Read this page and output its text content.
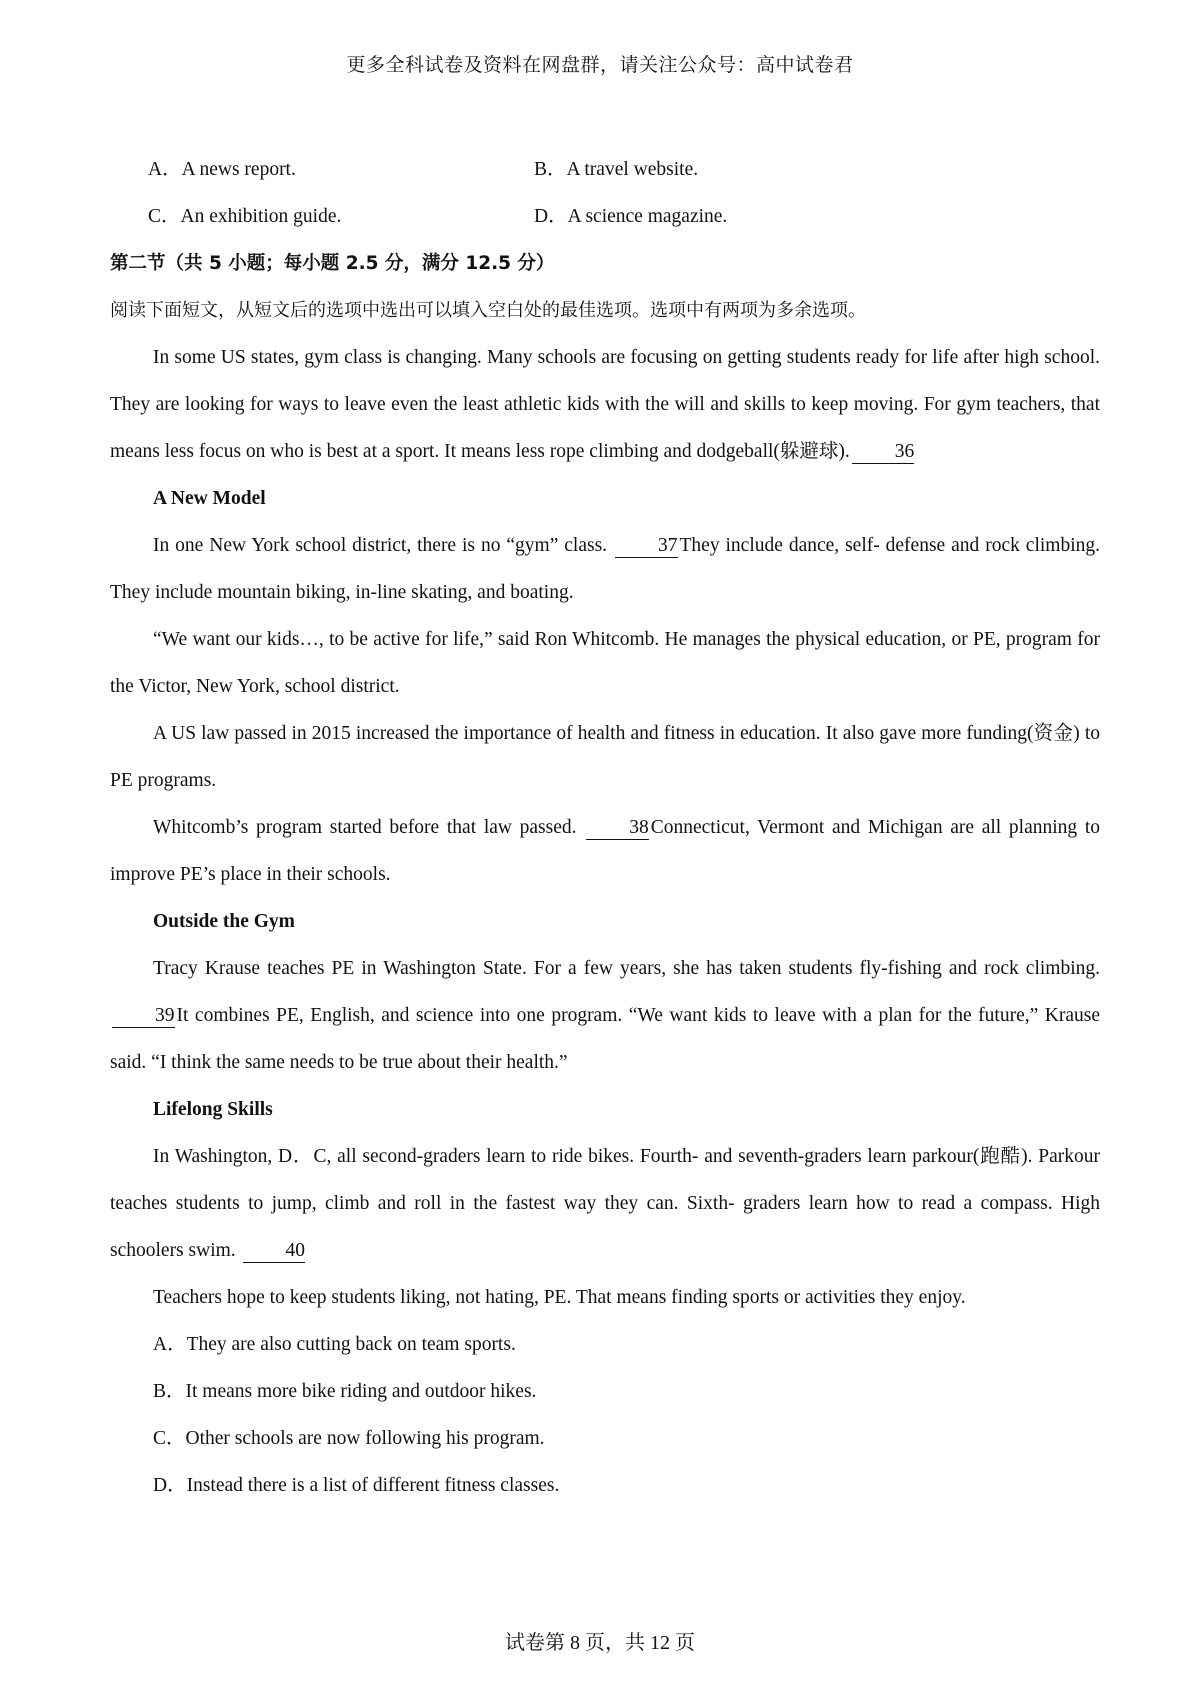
更多全科试卷及资料在网盘群，请关注公众号：高中试卷君
A．A news report.	B．A travel website.
C．An exhibition guide.	D．A science magazine.
第二节（共 5 小题；每小题 2.5 分，满分 12.5 分）
阅读下面短文，从短文后的选项中选出可以填入空白处的最佳选项。选项中有两项为多余选项。

In some US states, gym class is changing. Many schools are focusing on getting students ready for life after high school. They are looking for ways to leave even the least athletic kids with the will and skills to keep moving. For gym teachers, that means less focus on who is best at a sport. It means less rope climbing and dodgeball(躲避球). 36

A New Model

In one New York school district, there is no “gym” class.	37 They include dance, self- defense and rock climbing. They include mountain biking, in-line skating, and boating.

“We want our kids…, to be active for life,” said Ron Whitcomb. He manages the physical education, or PE, program for the Victor, New York, school district.

A US law passed in 2015 increased the importance of health and fitness in education. It also gave more funding(资金) to PE programs.

Whitcomb’s program started before that law passed.	38 Connecticut, Vermont and Michigan are all planning to improve PE’s place in their schools.

Outside the Gym

Tracy Krause teaches PE in Washington State. For a few years, she has taken students fly-fishing and rock climbing. 39 It combines PE, English, and science into one program. “We want kids to leave with a plan for the future,” Krause said. “I think the same needs to be true about their health.”

Lifelong Skills

In Washington, D．C, all second-graders learn to ride bikes. Fourth- and seventh-graders learn parkour(跑酷). Parkour teaches students to jump, climb and roll in the fastest way they can. Sixth- graders learn how to read a compass. High schoolers swim.	40

Teachers hope to keep students liking, not hating, PE. That means finding sports or activities they enjoy.

A．They are also cutting back on team sports.
B．It means more bike riding and outdoor hikes.
C．Other schools are now following his program.
D．Instead there is a list of different fitness classes.
试卷第 8 页，共 12 页
